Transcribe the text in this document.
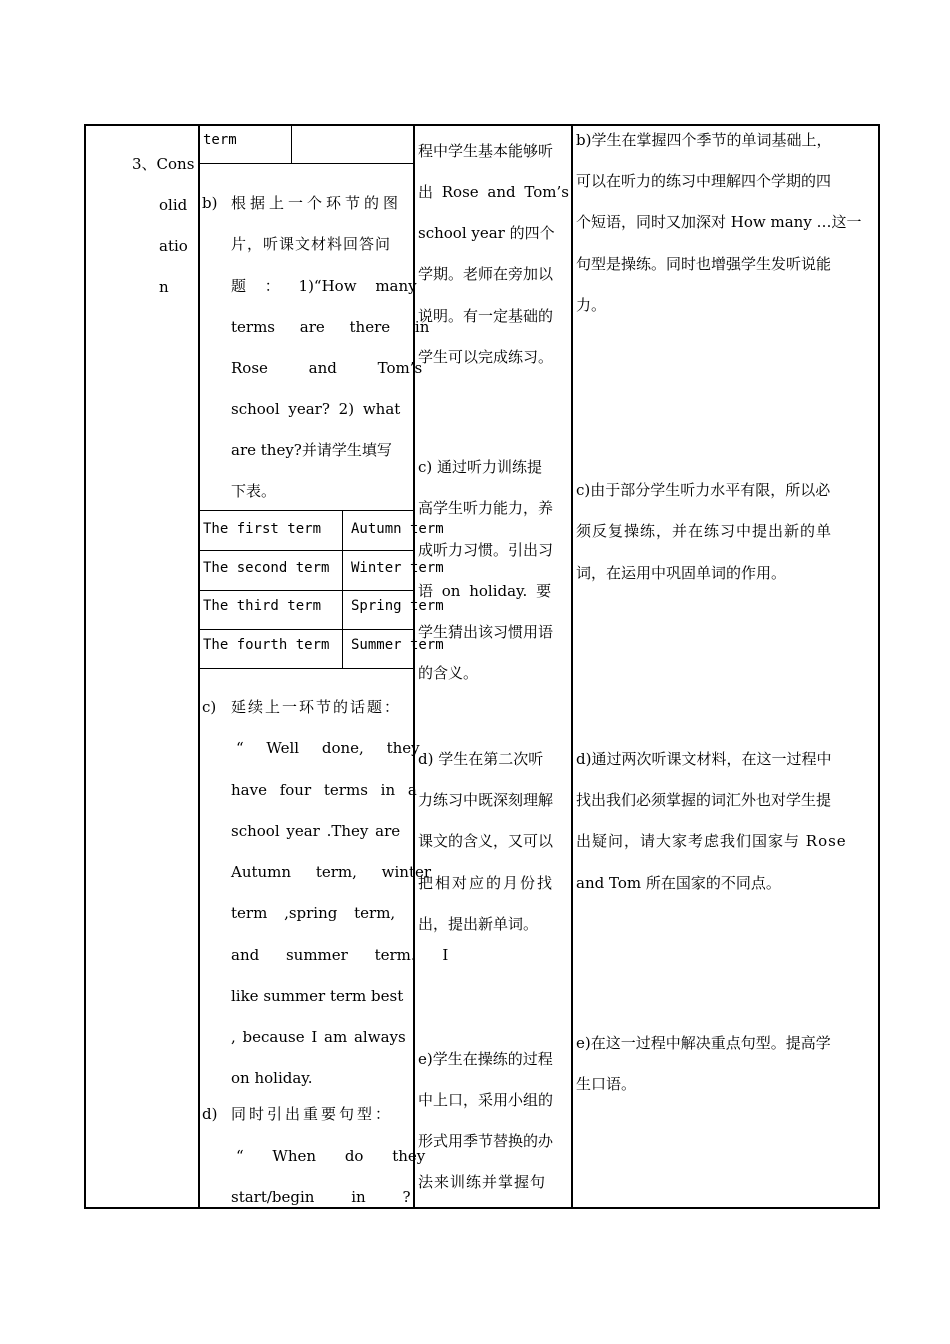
3、Cons
olid
atio
n
term
b) 根据上一个环节的图
片，听课文材料回答问
题 ： 1)“How many
terms are there in
Rose and Tom’s
school year? 2) what
are they?并请学生填写
下表。
The first term Autumn term
The second term Winter term
The third term Spring term
The fourth term Summer term
c) 延续上一环节的话题：
“ Well done, they
have four terms in a
school year .They are
Autumn term, winter
term ,spring term,
and summer term. I
like summer term best
, because I am always
on holiday.
d) 同时引出重要句型：
“ When do they
start/begin in ?
程中学生基本能够听
出 Rose and Tom’s
school year 的四个
学期。老师在旁加以
说明。有一定基础的
学生可以完成练习。
c) 通过听力训练提
高学生听力能力，养
成听力习惯。引出习
语 on holiday. 要
学生猜出该习惯用语
的含义。
d) 学生在第二次听
力练习中既深刻理解
课文的含义，又可以
把相对应的月份找
出，提出新单词。
e)学生在操练的过程
中上口，采用小组的
形式用季节替换的办
法来训练并掌握句
b)学生在掌握四个季节的单词基础上，
可以在听力的练习中理解四个学期的四
个短语，同时又加深对 How many …这一
句型是操练。同时也增强学生发听说能
力。
c)由于部分学生听力水平有限，所以必
须反复操练，并在练习中提出新的单
词，在运用中巩固单词的作用。
d)通过两次听课文材料，在这一过程中
找出我们必须掌握的词汇外也对学生提
出疑问，请大家考虑我们国家与 Rose
and Tom 所在国家的不同点。
e)在这一过程中解决重点句型。提高学
生口语。
